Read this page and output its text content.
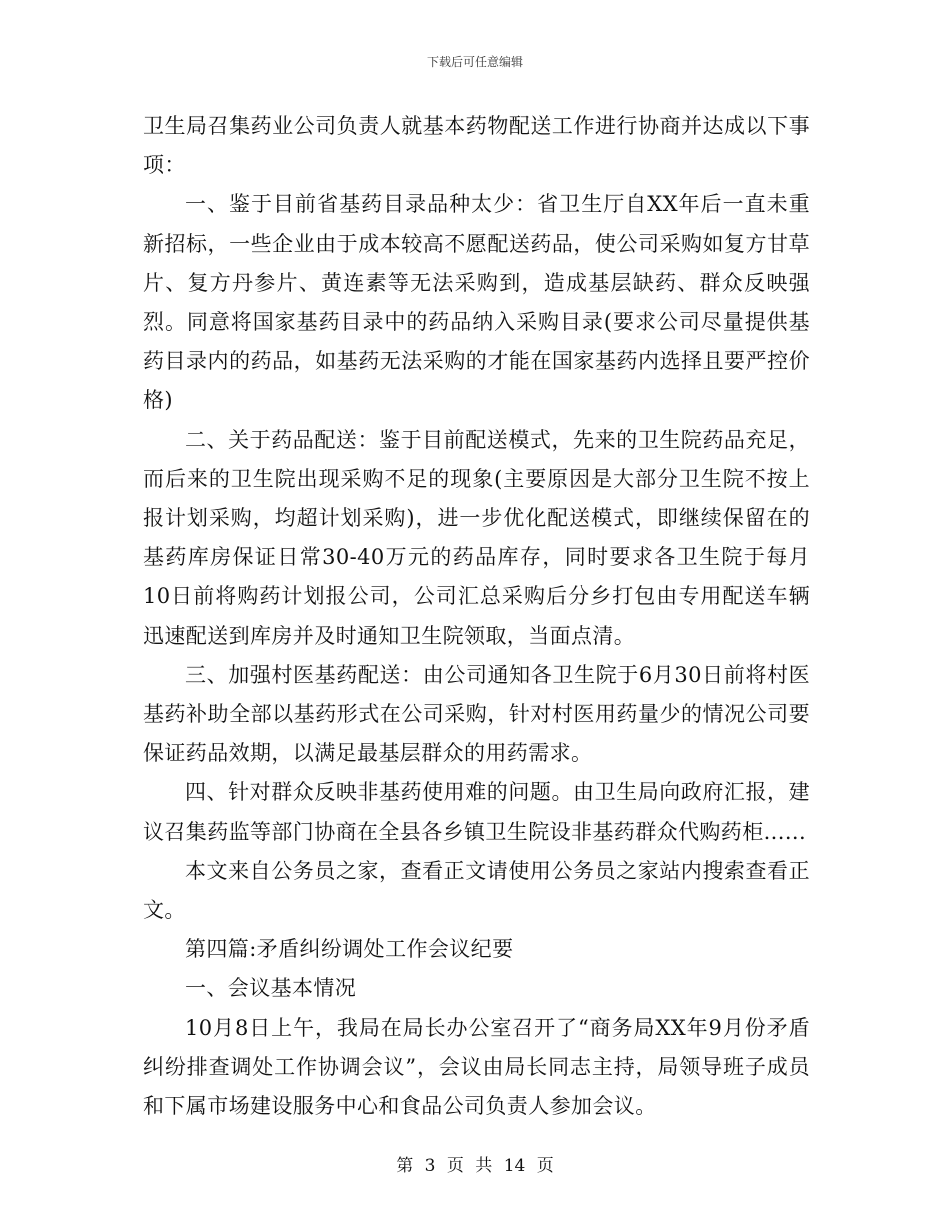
下载后可任意编辑

卫生局召集药业公司负责人就基本药物配送工作进行协商并达成以下事项：

一、鉴于目前省基药目录品种太少：省卫生厅自XX年后一直未重新招标，一些企业由于成本较高不愿配送药品，使公司采购如复方甘草片、复方丹参片、黄连素等无法采购到，造成基层缺药、群众反映强烈。同意将国家基药目录中的药品纳入采购目录(要求公司尽量提供基药目录内的药品，如基药无法采购的才能在国家基药内选择且要严控价格)

二、关于药品配送：鉴于目前配送模式，先来的卫生院药品充足，而后来的卫生院出现采购不足的现象(主要原因是大部分卫生院不按上报计划采购，均超计划采购)，进一步优化配送模式，即继续保留在的基药库房保证日常30-40万元的药品库存，同时要求各卫生院于每月10日前将购药计划报公司，公司汇总采购后分乡打包由专用配送车辆迅速配送到库房并及时通知卫生院领取，当面点清。

三、加强村医基药配送：由公司通知各卫生院于6月30日前将村医基药补助全部以基药形式在公司采购，针对村医用药量少的情况公司要保证药品效期，以满足最基层群众的用药需求。

四、针对群众反映非基药使用难的问题。由卫生局向政府汇报，建议召集药监等部门协商在全县各乡镇卫生院设非基药群众代购药柜......

本文来自公务员之家，查看正文请使用公务员之家站内搜索查看正文。

第四篇:矛盾纠纷调处工作会议纪要

一、会议基本情况

10月8日上午，我局在局长办公室召开了“商务局XX年9月份矛盾纠纷排查调处工作协调会议”，会议由局长同志主持，局领导班子成员和下属市场建设服务中心和食品公司负责人参加会议。

第 3 页 共 14 页
